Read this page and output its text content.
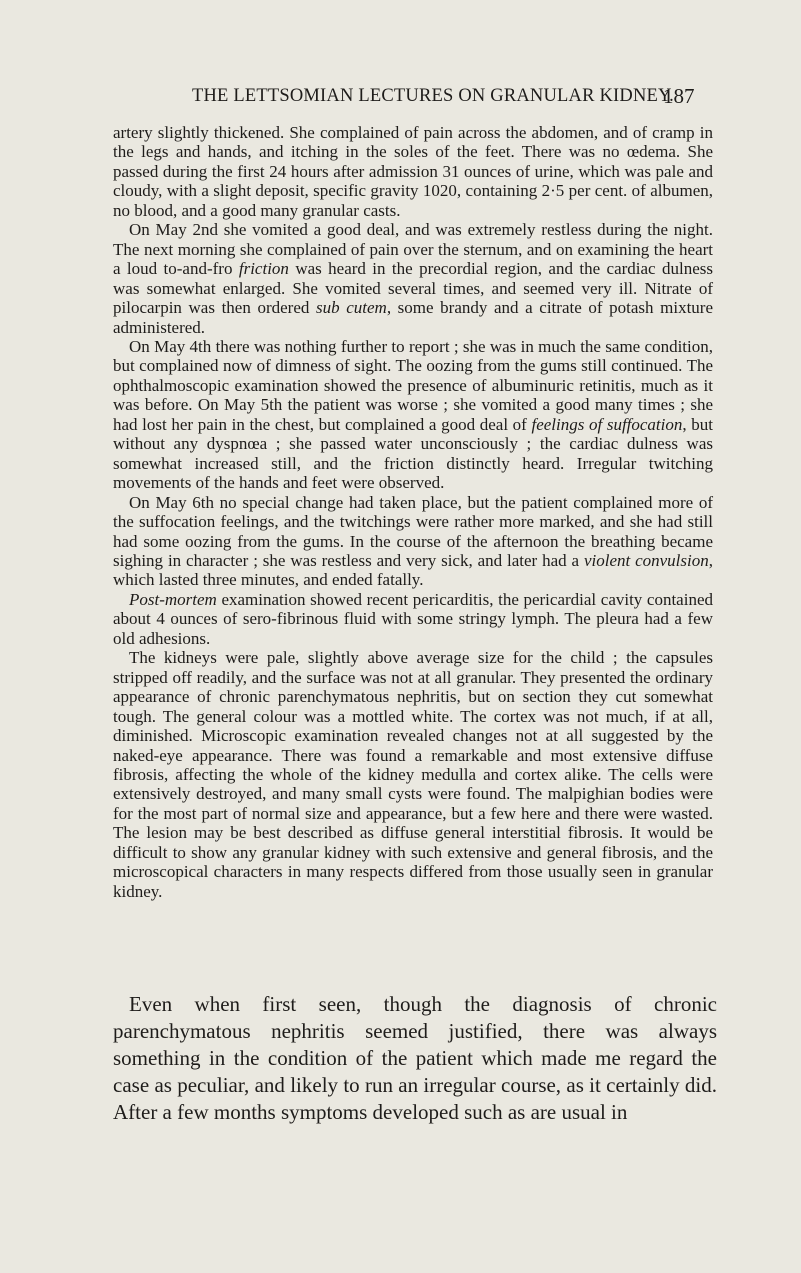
THE LETTSOMIAN LECTURES ON GRANULAR KIDNEY.
187

artery slightly thickened. She complained of pain across the abdomen, and of cramp in the legs and hands, and itching in the soles of the feet. There was no œdema. She passed during the first 24 hours after admission 31 ounces of urine, which was pale and cloudy, with a slight deposit, specific gravity 1020, containing 2·5 per cent. of albumen, no blood, and a good many granular casts.

On May 2nd she vomited a good deal, and was extremely restless during the night. The next morning she complained of pain over the sternum, and on examining the heart a loud to-and-fro friction was heard in the precordial region, and the cardiac dulness was somewhat enlarged. She vomited several times, and seemed very ill. Nitrate of pilocarpin was then ordered sub cutem, some brandy and a citrate of potash mixture administered.

On May 4th there was nothing further to report ; she was in much the same condition, but complained now of dimness of sight. The oozing from the gums still continued. The ophthalmoscopic examination showed the presence of albuminuric retinitis, much as it was before. On May 5th the patient was worse ; she vomited a good many times ; she had lost her pain in the chest, but complained a good deal of feelings of suffocation, but without any dyspnœa ; she passed water unconsciously ; the cardiac dulness was somewhat increased still, and the friction distinctly heard. Irregular twitching movements of the hands and feet were observed.

On May 6th no special change had taken place, but the patient complained more of the suffocation feelings, and the twitchings were rather more marked, and she had still had some oozing from the gums. In the course of the afternoon the breathing became sighing in character ; she was restless and very sick, and later had a violent convulsion, which lasted three minutes, and ended fatally.

Post-mortem examination showed recent pericarditis, the pericardial cavity contained about 4 ounces of sero-fibrinous fluid with some stringy lymph. The pleura had a few old adhesions.

The kidneys were pale, slightly above average size for the child ; the capsules stripped off readily, and the surface was not at all granular. They presented the ordinary appearance of chronic parenchymatous nephritis, but on section they cut somewhat tough. The general colour was a mottled white. The cortex was not much, if at all, diminished. Microscopic examination revealed changes not at all suggested by the naked-eye appearance. There was found a remarkable and most extensive diffuse fibrosis, affecting the whole of the kidney medulla and cortex alike. The cells were extensively destroyed, and many small cysts were found. The malpighian bodies were for the most part of normal size and appearance, but a few here and there were wasted. The lesion may be best described as diffuse general interstitial fibrosis. It would be difficult to show any granular kidney with such extensive and general fibrosis, and the microscopical characters in many respects differed from those usually seen in granular kidney.

Even when first seen, though the diagnosis of chronic parenchymatous nephritis seemed justified, there was always something in the condition of the patient which made me regard the case as peculiar, and likely to run an irregular course, as it certainly did. After a few months symptoms developed such as are usual in
